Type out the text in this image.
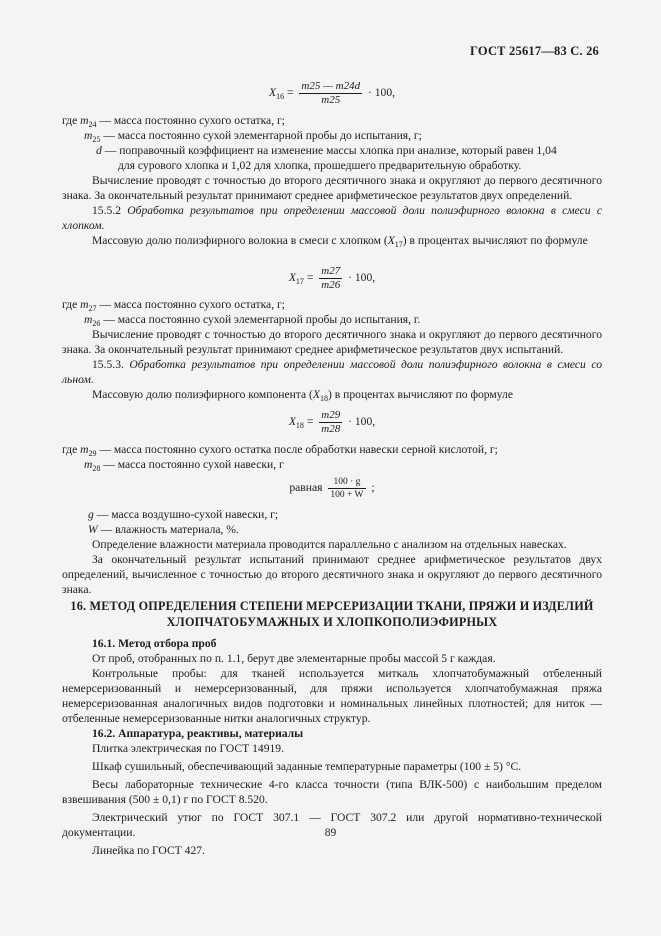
ГОСТ 25617—83 С. 26

$X_{16} = \frac{m25 — m24d}{m25} \cdot 100$,

где $m_{24}$ — масса постоянно сухого остатка, г;

$m_{25}$ — масса постоянно сухой элементарной пробы до испытания, г;

d — поправочный коэффициент на изменение массы хлопка при анализе, который равен 1,04

для сурового хлопка и 1,02 для хлопка, прошедшего предварительную обработку.

Вычисление проводят с точностью до второго десятичного знака и округляют до первого десятичного знака. За окончательный результат принимают среднее арифметическое результатов двух определений.

15.5.2 Обработка результатов при определении массовой доли полиэфирного волокна в смеси с хлопком.

Массовую долю полиэфирного волокна в смеси с хлопком $(X_{17})$ в процентах вычисляют по формуле

$X_{17} = \frac{m27}{m26} \cdot 100$,

где $m_{27}$ — масса постоянно сухого остатка, г;

$m_{26}$ — масса постоянно сухой элементарной пробы до испытания, г.

Вычисление проводят с точностью до второго десятичного знака и округляют до первого десятичного знака. За окончательный результат принимают среднее арифметическое результатов двух испытаний.

15.5.3. Обработка результатов при определении массовой доли полиэфирного волокна в смеси со льном.

Массовую долю полиэфирного компонента $(X_{18})$ в процентах вычисляют по формуле

$X_{18} = \frac{m29}{m28} \cdot 100$,

где $m_{29}$ — масса постоянно сухого остатка после обработки навески серной кислотой, г;

$m_{28}$ — масса постоянно сухой навески, г

равная $\frac{100 \cdot g}{100 + W}$ ;

g — масса воздушно-сухой навески, г;

W — влажность материала, %.

Определение влажности материала проводится параллельно с анализом на отдельных навесках.

За окончательный результат испытаний принимают среднее арифметическое результатов двух определений, вычисленное с точностью до второго десятичного знака и округляют до первого десятичного знака.

16. МЕТОД ОПРЕДЕЛЕНИЯ СТЕПЕНИ МЕРСЕРИЗАЦИИ ТКАНИ, ПРЯЖИ И ИЗДЕЛИЙ

ХЛОПЧАТОБУМАЖНЫХ И ХЛОПКОПОЛИЭФИРНЫХ

16.1. Метод отбора проб

От проб, отобранных по п. 1.1, берут две элементарные пробы массой 5 г каждая.

Контрольные пробы: для тканей используется миткаль хлопчатобумажный отбеленный немерсеризованный и немерсеризованный, для пряжи используется хлопчатобумажная пряжа немерсеризованная аналогичных видов подготовки и номинальных линейных плотностей; для ниток — отбеленные немерсеризованные нитки аналогичных структур.

16.2. Аппаратура, реактивы, материалы

Плитка электрическая по ГОСТ 14919.

Шкаф сушильный, обеспечивающий заданные температурные параметры (100 ± 5) °С.

Весы лабораторные технические 4-го класса точности (типа ВЛК-500) с наибольшим пределом взвешивания (500 ± 0,1) г по ГОСТ 8.520.

Электрический утюг по ГОСТ 307.1 — ГОСТ 307.2 или другой нормативно-технической документации.

Линейка по ГОСТ 427.

89
